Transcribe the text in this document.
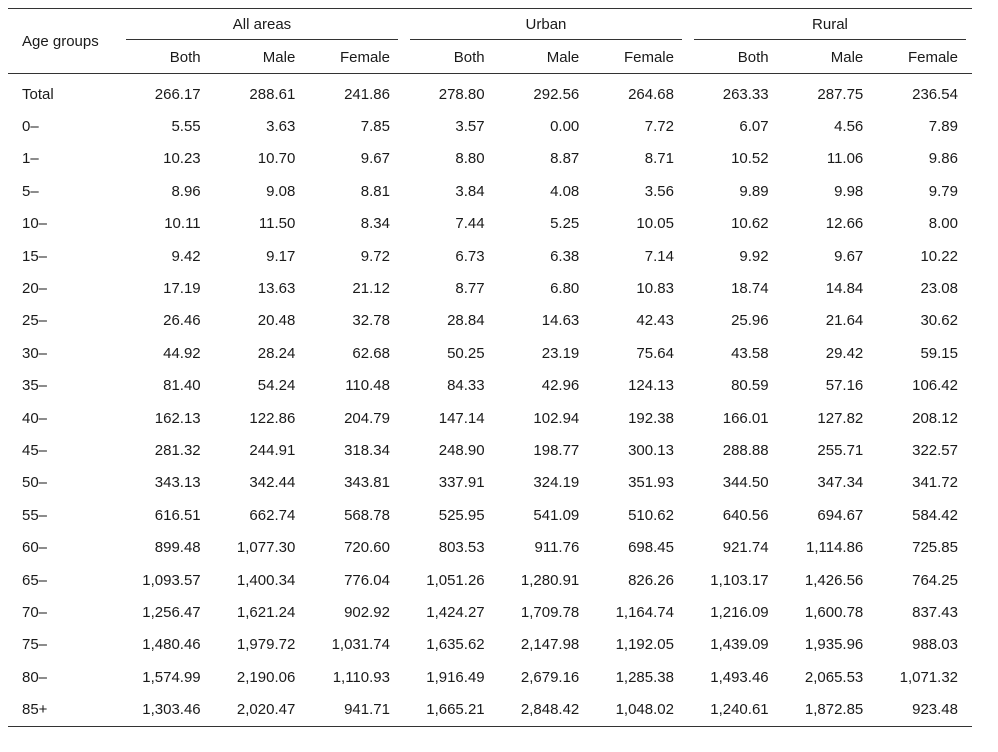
Age groups	All areas			Urban			Rural		

	Both	Male	Female	Both	Male	Female	Both	Male	Female
Total	266.17	288.61	241.86	278.80	292.56	264.68	263.33	287.75	236.54
0–	5.55	3.63	7.85	3.57	0.00	7.72	6.07	4.56	7.89
1–	10.23	10.70	9.67	8.80	8.87	8.71	10.52	11.06	9.86
5–	8.96	9.08	8.81	3.84	4.08	3.56	9.89	9.98	9.79
10–	10.11	11.50	8.34	7.44	5.25	10.05	10.62	12.66	8.00
15–	9.42	9.17	9.72	6.73	6.38	7.14	9.92	9.67	10.22
20–	17.19	13.63	21.12	8.77	6.80	10.83	18.74	14.84	23.08
25–	26.46	20.48	32.78	28.84	14.63	42.43	25.96	21.64	30.62
30–	44.92	28.24	62.68	50.25	23.19	75.64	43.58	29.42	59.15
35–	81.40	54.24	110.48	84.33	42.96	124.13	80.59	57.16	106.42
40–	162.13	122.86	204.79	147.14	102.94	192.38	166.01	127.82	208.12
45–	281.32	244.91	318.34	248.90	198.77	300.13	288.88	255.71	322.57
50–	343.13	342.44	343.81	337.91	324.19	351.93	344.50	347.34	341.72
55–	616.51	662.74	568.78	525.95	541.09	510.62	640.56	694.67	584.42
60–	899.48	1,077.30	720.60	803.53	911.76	698.45	921.74	1,114.86	725.85
65–	1,093.57	1,400.34	776.04	1,051.26	1,280.91	826.26	1,103.17	1,426.56	764.25
70–	1,256.47	1,621.24	902.92	1,424.27	1,709.78	1,164.74	1,216.09	1,600.78	837.43
75–	1,480.46	1,979.72	1,031.74	1,635.62	2,147.98	1,192.05	1,439.09	1,935.96	988.03
80–	1,574.99	2,190.06	1,110.93	1,916.49	2,679.16	1,285.38	1,493.46	2,065.53	1,071.32
85+	1,303.46	2,020.47	941.71	1,665.21	2,848.42	1,048.02	1,240.61	1,872.85	923.48
